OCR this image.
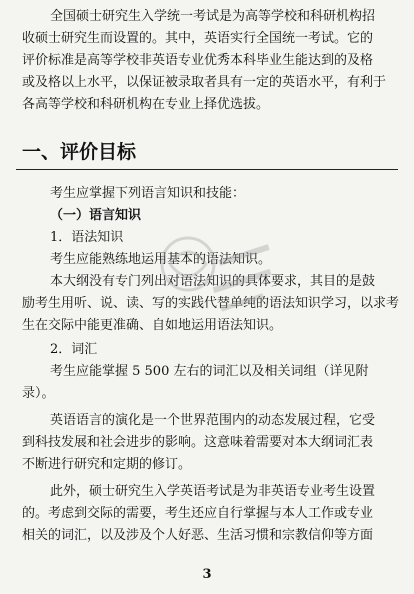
全国硕士研究生入学统一考试是为高等学校和科研机构招
收硕士研究生而设置的。其中，英语实行全国统一考试。它的
评价标准是高等学校非英语专业优秀本科毕业生能达到的及格
或及格以上水平，以保证被录取者具有一定的英语水平，有利于
各高等学校和科研机构在专业上择优选拔。
一、评价目标
考生应掌握下列语言知识和技能：
（一）语言知识
1．语法知识
考生应能熟练地运用基本的语法知识。
本大纲没有专门列出对语法知识的具体要求，其目的是鼓
励考生用听、说、读、写的实践代替单纯的语法知识学习，以求考
生在交际中能更准确、自如地运用语法知识。
2．词汇
考生应能掌握 5 500 左右的词汇以及相关词组（详见附
录）。
英语语言的演化是一个世界范围内的动态发展过程，它受
到科技发展和社会进步的影响。这意味着需要对本大纲词汇表
不断进行研究和定期的修订。
此外，硕士研究生入学英语考试是为非英语专业考生设置
的。考虑到交际的需要，考生还应自行掌握与本人工作或专业
相关的词汇，以及涉及个人好恶、生活习惯和宗教信仰等方面
3
